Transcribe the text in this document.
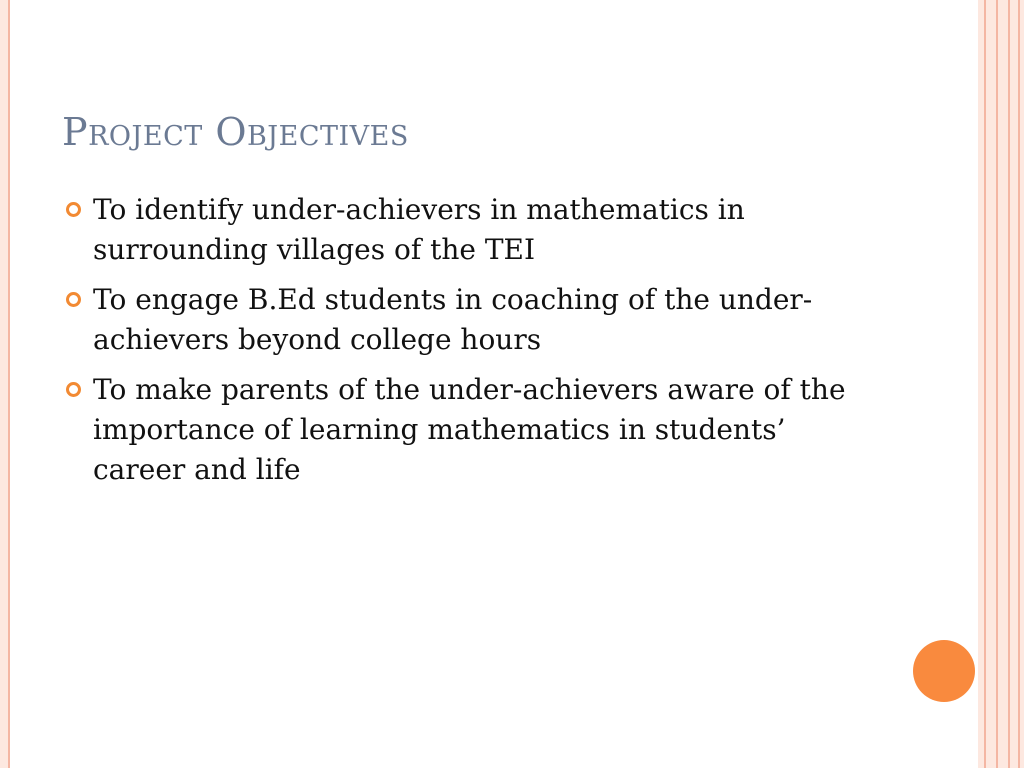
Project Objectives
To identify under-achievers in mathematics in surrounding villages of the TEI
To engage B.Ed students in coaching of the under-achievers beyond college hours
To make parents of the under-achievers aware of the importance of learning mathematics in students’ career and life
